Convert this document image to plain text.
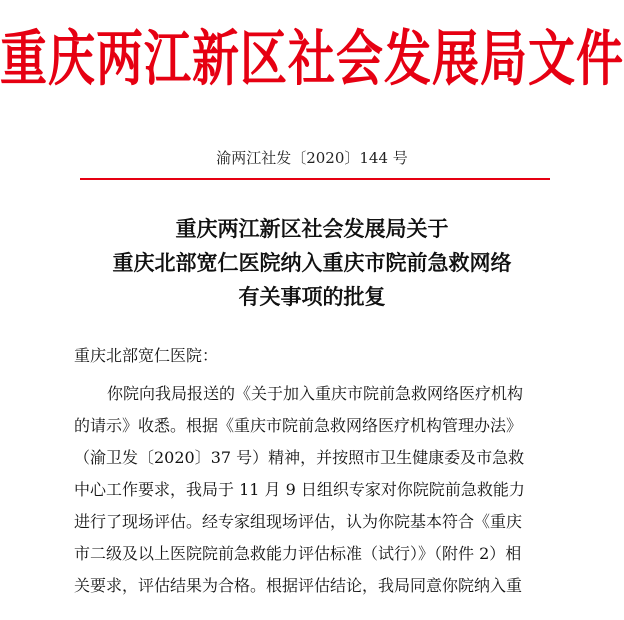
重庆两江新区社会发展局文件
渝两江社发〔2020〕144 号
重庆两江新区社会发展局关于
重庆北部宽仁医院纳入重庆市院前急救网络
有关事项的批复
重庆北部宽仁医院：
你院向我局报送的《关于加入重庆市院前急救网络医疗机构
的请示》收悉。根据《重庆市院前急救网络医疗机构管理办法》
（渝卫发〔2020〕37 号）精神，并按照市卫生健康委及市急救
中心工作要求，我局于 11 月 9 日组织专家对你院院前急救能力
进行了现场评估。经专家组现场评估，认为你院基本符合《重庆
市二级及以上医院院前急救能力评估标准（试行）》（附件 2）相
关要求，评估结果为合格。根据评估结论，我局同意你院纳入重
